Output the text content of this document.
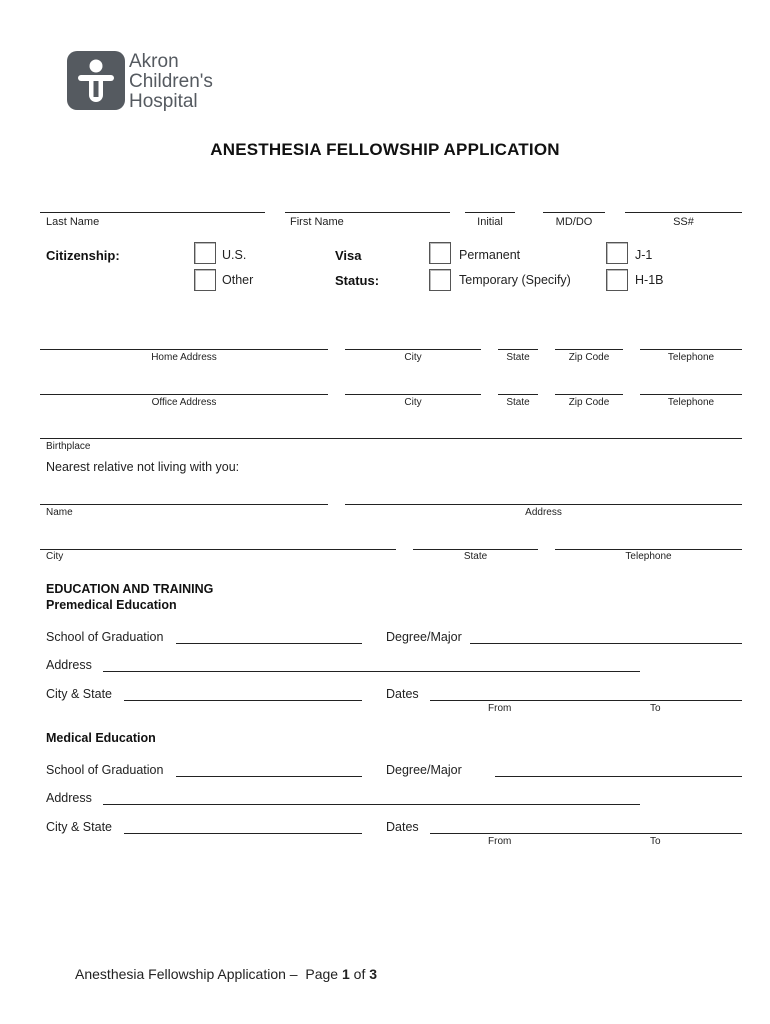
Akron
Children's
Hospital
ANESTHESIA FELLOWSHIP APPLICATION
Last Name	First Name	Initial	MD/DO	SS#
Citizenship:	U.S.
Other
Visa
Status:
Permanent
Temporary (Specify)
J-1
H-1B
Home Address	City	State	Zip Code	Telephone
Office Address	City	State	Zip Code	Telephone
Birthplace
Nearest relative not living with you:
Name	Address
City	State	Telephone
EDUCATION AND TRAINING
Premedical Education
School of Graduation	Degree/Major
Address
City & State	Dates
From	To
Medical Education
School of Graduation	Degree/Major
Address
City & State	Dates
From	To

Anesthesia Fellowship Application –  Page 1 of 3
